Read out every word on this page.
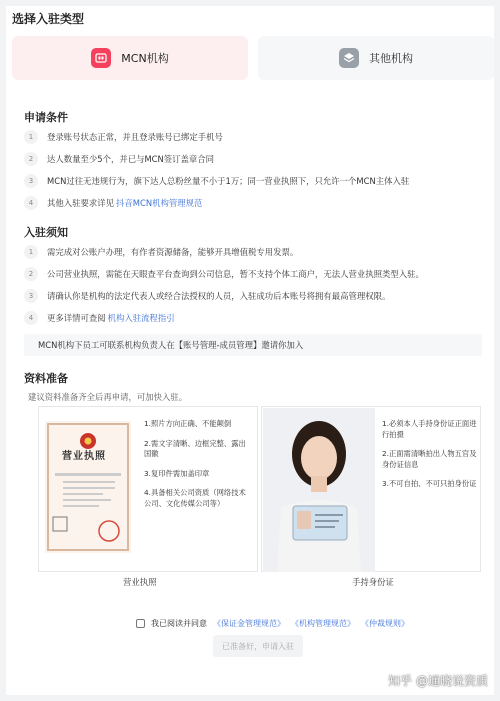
选择入驻类型
MCN机构	其他机构
申请条件
1	登录账号状态正常，并且登录账号已绑定手机号
2	达人数量至少5个，并已与MCN签订盖章合同
3	MCN过往无违规行为，旗下达人总粉丝量不小于1万；同一营业执照下，只允许一个MCN主体入驻
4	其他入驻要求详见 抖音MCN机构管理规范
入驻须知
1	需完成对公账户办理，有作者资源储备，能够开具增值税专用发票。
2	公司营业执照，需能在天眼查平台查询到公司信息，暂不支持个体工商户，无法人营业执照类型入驻。
3	请确认你是机构的法定代表人或经合法授权的人员，入驻成功后本账号将拥有最高管理权限。
4	更多详情可查阅 机构入驻流程指引
MCN机构下员工可联系机构负责人在【账号管理-成员管理】邀请你加入
资料准备
建议资料准备齐全后再申请，可加快入驻。
营业执照
1.照片方向正确、不能颠倒
2.需文字清晰、边框完整、露出国徽
3.复印件需加盖印章
4.具备相关公司资质（网络技术公司、文化传媒公司等）
1.必须本人手持身份证正面进行拍摄
2.正面需清晰拍出人物五官及身份证信息
3.不可自拍、不可只拍身份证
营业执照	手持身份证
我已阅读并同意 《保证金管理规范》 《机构管理规范》 《仲裁规则》
已准备好，申请入驻
知乎 @通晓说资质
